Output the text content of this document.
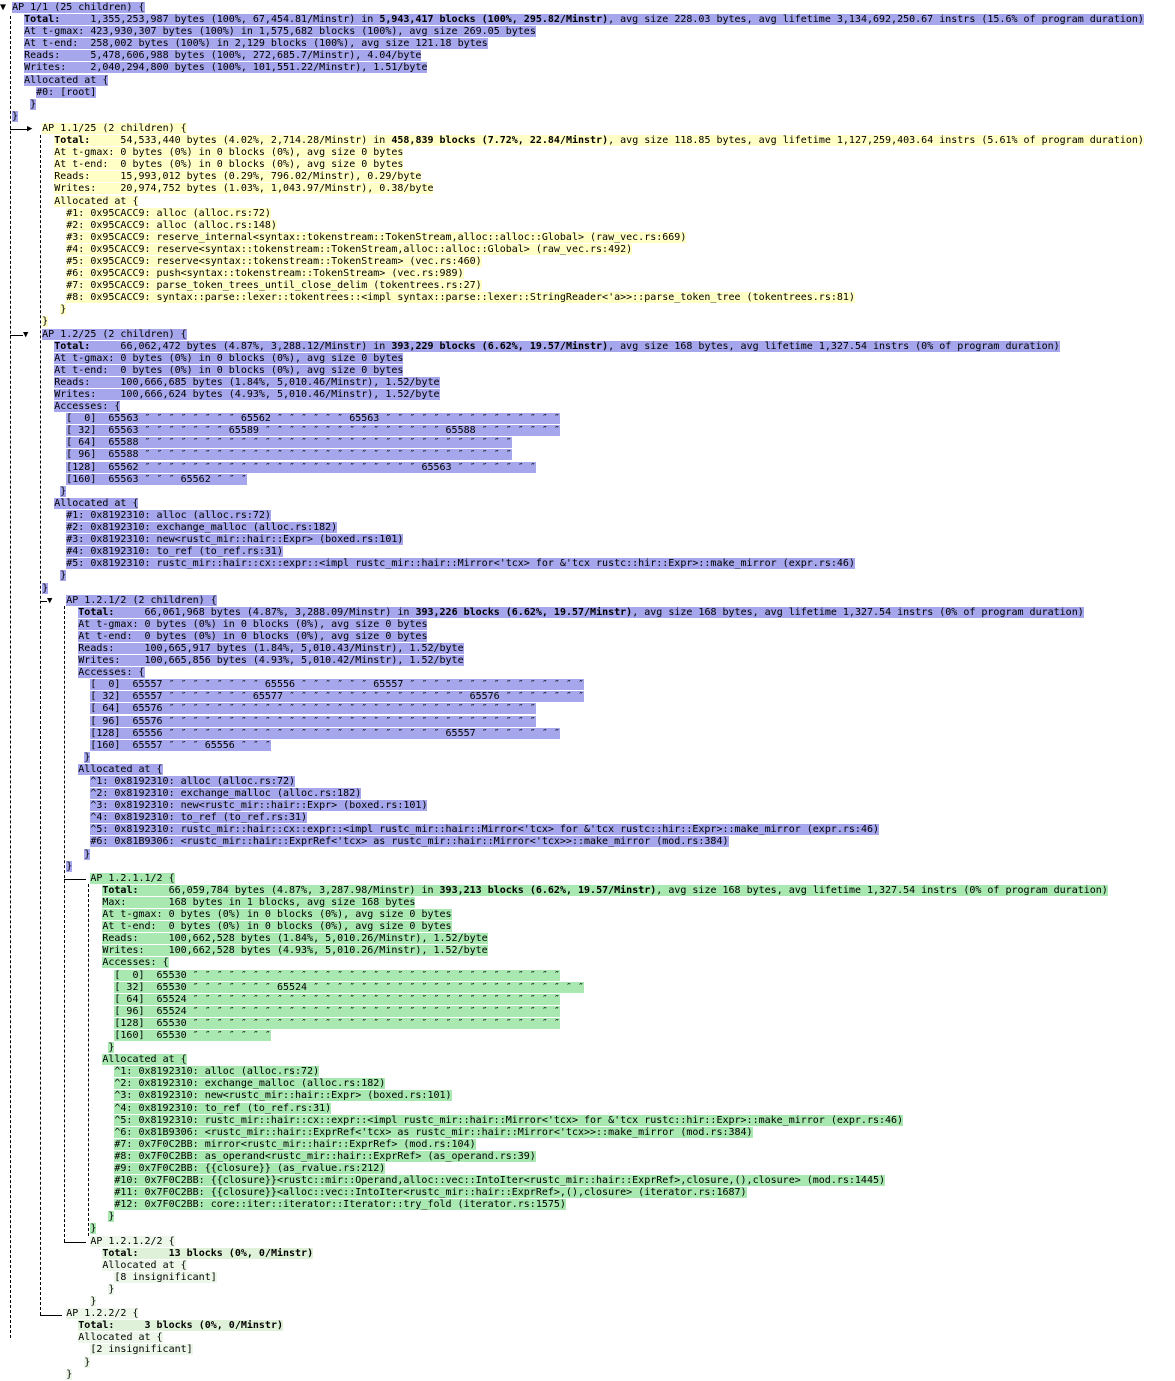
▶
▼
▼
▼ AP 1/1 (25 children) {
Total:     1,355,253,987 bytes (100%, 67,454.81/Minstr) in 5,943,417 blocks (100%, 295.82/Minstr), avg size 228.03 bytes, avg lifetime 3,134,692,250.67 instrs (15.6% of program duration)
At t-gmax: 423,930,307 bytes (100%) in 1,575,682 blocks (100%), avg size 269.05 bytes
At t-end:  258,002 bytes (100%) in 2,129 blocks (100%), avg size 121.18 bytes
Reads:     5,478,606,988 bytes (100%, 272,685.7/Minstr), 4.04/byte
Writes:    2,040,294,800 bytes (100%, 101,551.22/Minstr), 1.51/byte
Allocated at {
#0: [root]
}
}
AP 1.1/25 (2 children) {
Total:     54,533,440 bytes (4.02%, 2,714.28/Minstr) in 458,839 blocks (7.72%, 22.84/Minstr), avg size 118.85 bytes, avg lifetime 1,127,259,403.64 instrs (5.61% of program duration)
At t-gmax: 0 bytes (0%) in 0 blocks (0%), avg size 0 bytes
At t-end:  0 bytes (0%) in 0 blocks (0%), avg size 0 bytes
Reads:     15,993,012 bytes (0.29%, 796.02/Minstr), 0.29/byte
Writes:    20,974,752 bytes (1.03%, 1,043.97/Minstr), 0.38/byte
Allocated at {
#1: 0x95CACC9: alloc (alloc.rs:72)
#2: 0x95CACC9: alloc (alloc.rs:148)
#3: 0x95CACC9: reserve_internal<syntax::tokenstream::TokenStream,alloc::alloc::Global> (raw_vec.rs:669)
#4: 0x95CACC9: reserve<syntax::tokenstream::TokenStream,alloc::alloc::Global> (raw_vec.rs:492)
#5: 0x95CACC9: reserve<syntax::tokenstream::TokenStream> (vec.rs:460)
#6: 0x95CACC9: push<syntax::tokenstream::TokenStream> (vec.rs:989)
#7: 0x95CACC9: parse_token_trees_until_close_delim (tokentrees.rs:27)
#8: 0x95CACC9: syntax::parse::lexer::tokentrees::<impl syntax::parse::lexer::StringReader<'a>>::parse_token_tree (tokentrees.rs:81)
}
}
AP 1.2/25 (2 children) {
Total:     66,062,472 bytes (4.87%, 3,288.12/Minstr) in 393,229 blocks (6.62%, 19.57/Minstr), avg size 168 bytes, avg lifetime 1,327.54 instrs (0% of program duration)
At t-gmax: 0 bytes (0%) in 0 blocks (0%), avg size 0 bytes
At t-end:  0 bytes (0%) in 0 blocks (0%), avg size 0 bytes
Reads:     100,666,685 bytes (1.84%, 5,010.46/Minstr), 1.52/byte
Writes:    100,666,624 bytes (4.93%, 5,010.46/Minstr), 1.52/byte
Accesses: {
[  0]  65563 ″ ″ ″ ″ ″ ″ ″ ″ 65562 ″ ″ ″ ″ ″ ″ 65563 ″ ″ ″ ″ ″ ″ ″ ″ ″ ″ ″ ″ ″ ″ ″
[ 32]  65563 ″ ″ ″ ″ ″ ″ ″ 65589 ″ ″ ″ ″ ″ ″ ″ ″ ″ ″ ″ ″ ″ ″ ″ 65588 ″ ″ ″ ″ ″ ″ ″
[ 64]  65588 ″ ″ ″ ″ ″ ″ ″ ″ ″ ″ ″ ″ ″ ″ ″ ″ ″ ″ ″ ″ ″ ″ ″ ″ ″ ″ ″ ″ ″ ″ ″
[ 96]  65588 ″ ″ ″ ″ ″ ″ ″ ″ ″ ″ ″ ″ ″ ″ ″ ″ ″ ″ ″ ″ ″ ″ ″ ″ ″ ″ ″ ″ ″ ″ ″
[128]  65562 ″ ″ ″ ″ ″ ″ ″ ″ ″ ″ ″ ″ ″ ″ ″ ″ ″ ″ ″ ″ ″ ″ ″ 65563 ″ ″ ″ ″ ″ ″ ″
[160]  65563 ″ ″ ″ 65562 ″ ″ ″
}
Allocated at {
#1: 0x8192310: alloc (alloc.rs:72)
#2: 0x8192310: exchange_malloc (alloc.rs:182)
#3: 0x8192310: new<rustc_mir::hair::Expr> (boxed.rs:101)
#4: 0x8192310: to_ref (to_ref.rs:31)
#5: 0x8192310: rustc_mir::hair::cx::expr::<impl rustc_mir::hair::Mirror<'tcx> for &'tcx rustc::hir::Expr>::make_mirror (expr.rs:46)
}
}
AP 1.2.1/2 (2 children) {
Total:     66,061,968 bytes (4.87%, 3,288.09/Minstr) in 393,226 blocks (6.62%, 19.57/Minstr), avg size 168 bytes, avg lifetime 1,327.54 instrs (0% of program duration)
At t-gmax: 0 bytes (0%) in 0 blocks (0%), avg size 0 bytes
At t-end:  0 bytes (0%) in 0 blocks (0%), avg size 0 bytes
Reads:     100,665,917 bytes (1.84%, 5,010.43/Minstr), 1.52/byte
Writes:    100,665,856 bytes (4.93%, 5,010.42/Minstr), 1.52/byte
Accesses: {
[  0]  65557 ″ ″ ″ ″ ″ ″ ″ ″ 65556 ″ ″ ″ ″ ″ ″ 65557 ″ ″ ″ ″ ″ ″ ″ ″ ″ ″ ″ ″ ″ ″ ″
[ 32]  65557 ″ ″ ″ ″ ″ ″ ″ 65577 ″ ″ ″ ″ ″ ″ ″ ″ ″ ″ ″ ″ ″ ″ ″ 65576 ″ ″ ″ ″ ″ ″ ″
[ 64]  65576 ″ ″ ″ ″ ″ ″ ″ ″ ″ ″ ″ ″ ″ ″ ″ ″ ″ ″ ″ ″ ″ ″ ″ ″ ″ ″ ″ ″ ″ ″ ″
[ 96]  65576 ″ ″ ″ ″ ″ ″ ″ ″ ″ ″ ″ ″ ″ ″ ″ ″ ″ ″ ″ ″ ″ ″ ″ ″ ″ ″ ″ ″ ″ ″ ″
[128]  65556 ″ ″ ″ ″ ″ ″ ″ ″ ″ ″ ″ ″ ″ ″ ″ ″ ″ ″ ″ ″ ″ ″ ″ 65557 ″ ″ ″ ″ ″ ″ ″
[160]  65557 ″ ″ ″ 65556 ″ ″ ″
}
Allocated at {
^1: 0x8192310: alloc (alloc.rs:72)
^2: 0x8192310: exchange_malloc (alloc.rs:182)
^3: 0x8192310: new<rustc_mir::hair::Expr> (boxed.rs:101)
^4: 0x8192310: to_ref (to_ref.rs:31)
^5: 0x8192310: rustc_mir::hair::cx::expr::<impl rustc_mir::hair::Mirror<'tcx> for &'tcx rustc::hir::Expr>::make_mirror (expr.rs:46)
#6: 0x81B9306: <rustc_mir::hair::ExprRef<'tcx> as rustc_mir::hair::Mirror<'tcx>>::make_mirror (mod.rs:384)
}
}
AP 1.2.1.1/2 {
Total:     66,059,784 bytes (4.87%, 3,287.98/Minstr) in 393,213 blocks (6.62%, 19.57/Minstr), avg size 168 bytes, avg lifetime 1,327.54 instrs (0% of program duration)
Max:       168 bytes in 1 blocks, avg size 168 bytes
At t-gmax: 0 bytes (0%) in 0 blocks (0%), avg size 0 bytes
At t-end:  0 bytes (0%) in 0 blocks (0%), avg size 0 bytes
Reads:     100,662,528 bytes (1.84%, 5,010.26/Minstr), 1.52/byte
Writes:    100,662,528 bytes (4.93%, 5,010.26/Minstr), 1.52/byte
Accesses: {
[  0]  65530 ″ ″ ″ ″ ″ ″ ″ ″ ″ ″ ″ ″ ″ ″ ″ ″ ″ ″ ″ ″ ″ ″ ″ ″ ″ ″ ″ ″ ″ ″ ″
[ 32]  65530 ″ ″ ″ ″ ″ ″ ″ 65524 ″ ″ ″ ″ ″ ″ ″ ″ ″ ″ ″ ″ ″ ″ ″ ″ ″ ″ ″ ″ ″ ″ ″
[ 64]  65524 ″ ″ ″ ″ ″ ″ ″ ″ ″ ″ ″ ″ ″ ″ ″ ″ ″ ″ ″ ″ ″ ″ ″ ″ ″ ″ ″ ″ ″ ″ ″
[ 96]  65524 ″ ″ ″ ″ ″ ″ ″ ″ ″ ″ ″ ″ ″ ″ ″ ″ ″ ″ ″ ″ ″ ″ ″ ″ ″ ″ ″ ″ ″ ″ ″
[128]  65530 ″ ″ ″ ″ ″ ″ ″ ″ ″ ″ ″ ″ ″ ″ ″ ″ ″ ″ ″ ″ ″ ″ ″ ″ ″ ″ ″ ″ ″ ″ ″
[160]  65530 ″ ″ ″ ″ ″ ″ ″
}
Allocated at {
^1: 0x8192310: alloc (alloc.rs:72)
^2: 0x8192310: exchange_malloc (alloc.rs:182)
^3: 0x8192310: new<rustc_mir::hair::Expr> (boxed.rs:101)
^4: 0x8192310: to_ref (to_ref.rs:31)
^5: 0x8192310: rustc_mir::hair::cx::expr::<impl rustc_mir::hair::Mirror<'tcx> for &'tcx rustc::hir::Expr>::make_mirror (expr.rs:46)
^6: 0x81B9306: <rustc_mir::hair::ExprRef<'tcx> as rustc_mir::hair::Mirror<'tcx>>::make_mirror (mod.rs:384)
#7: 0x7F0C2BB: mirror<rustc_mir::hair::ExprRef> (mod.rs:104)
#8: 0x7F0C2BB: as_operand<rustc_mir::hair::ExprRef> (as_operand.rs:39)
#9: 0x7F0C2BB: {{closure}} (as_rvalue.rs:212)
#10: 0x7F0C2BB: {{closure}}<rustc::mir::Operand,alloc::vec::IntoIter<rustc_mir::hair::ExprRef>,closure,(),closure> (mod.rs:1445)
#11: 0x7F0C2BB: {{closure}}<alloc::vec::IntoIter<rustc_mir::hair::ExprRef>,(),closure> (iterator.rs:1687)
#12: 0x7F0C2BB: core::iter::iterator::Iterator::try_fold (iterator.rs:1575)
}
}
AP 1.2.1.2/2 {
Total:     13 blocks (0%, 0/Minstr)
Allocated at {
[8 insignificant]
}
}
AP 1.2.2/2 {
Total:     3 blocks (0%, 0/Minstr)
Allocated at {
[2 insignificant]
}
}
